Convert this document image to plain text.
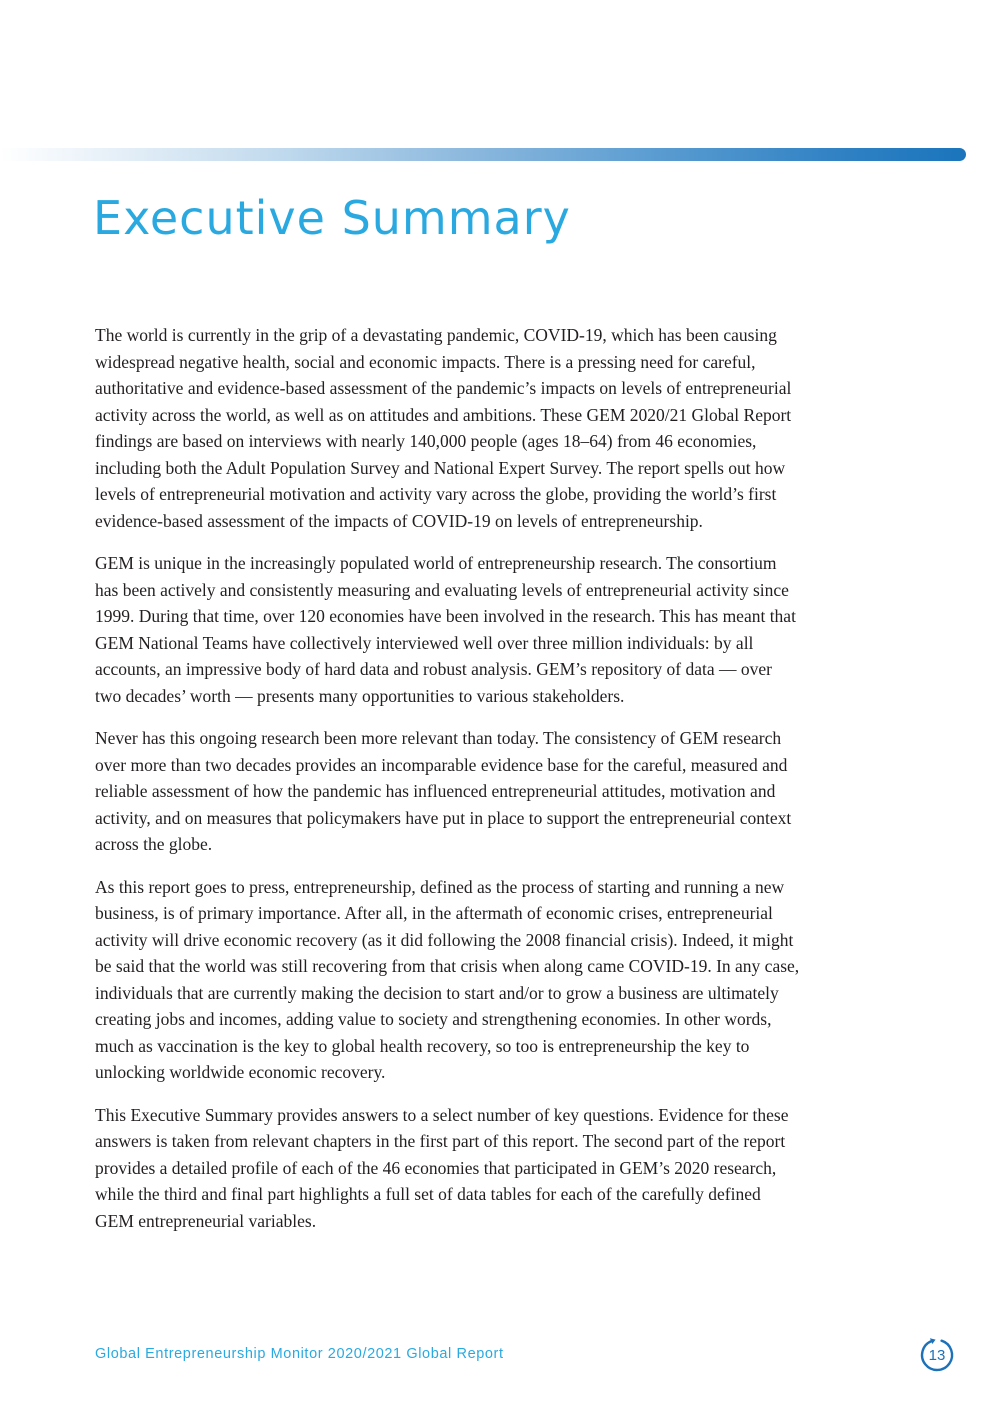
Executive Summary

The world is currently in the grip of a devastating pandemic, COVID-19, which has been causing widespread negative health, social and economic impacts. There is a pressing need for careful, authoritative and evidence-based assessment of the pandemic’s impacts on levels of entrepreneurial activity across the world, as well as on attitudes and ambitions. These GEM 2020/21 Global Report findings are based on interviews with nearly 140,000 people (ages 18–64) from 46 economies, including both the Adult Population Survey and National Expert Survey. The report spells out how levels of entrepreneurial motivation and activity vary across the globe, providing the world’s first evidence-based assessment of the impacts of COVID-19 on levels of entrepreneurship.

GEM is unique in the increasingly populated world of entrepreneurship research. The consortium has been actively and consistently measuring and evaluating levels of entrepreneurial activity since 1999. During that time, over 120 economies have been involved in the research. This has meant that GEM National Teams have collectively interviewed well over three million individuals: by all accounts, an impressive body of hard data and robust analysis. GEM’s repository of data — over two decades’ worth — presents many opportunities to various stakeholders.

Never has this ongoing research been more relevant than today. The consistency of GEM research over more than two decades provides an incomparable evidence base for the careful, measured and reliable assessment of how the pandemic has influenced entrepreneurial attitudes, motivation and activity, and on measures that policymakers have put in place to support the entrepreneurial context across the globe.

As this report goes to press, entrepreneurship, defined as the process of starting and running a new business, is of primary importance. After all, in the aftermath of economic crises, entrepreneurial activity will drive economic recovery (as it did following the 2008 financial crisis). Indeed, it might be said that the world was still recovering from that crisis when along came COVID-19. In any case, individuals that are currently making the decision to start and/or to grow a business are ultimately creating jobs and incomes, adding value to society and strengthening economies. In other words, much as vaccination is the key to global health recovery, so too is entrepreneurship the key to unlocking worldwide economic recovery.

This Executive Summary provides answers to a select number of key questions. Evidence for these answers is taken from relevant chapters in the first part of this report. The second part of the report provides a detailed profile of each of the 46 economies that participated in GEM’s 2020 research, while the third and final part highlights a full set of data tables for each of the carefully defined GEM entrepreneurial variables.

Global Entrepreneurship Monitor 2020/2021 Global Report	13
